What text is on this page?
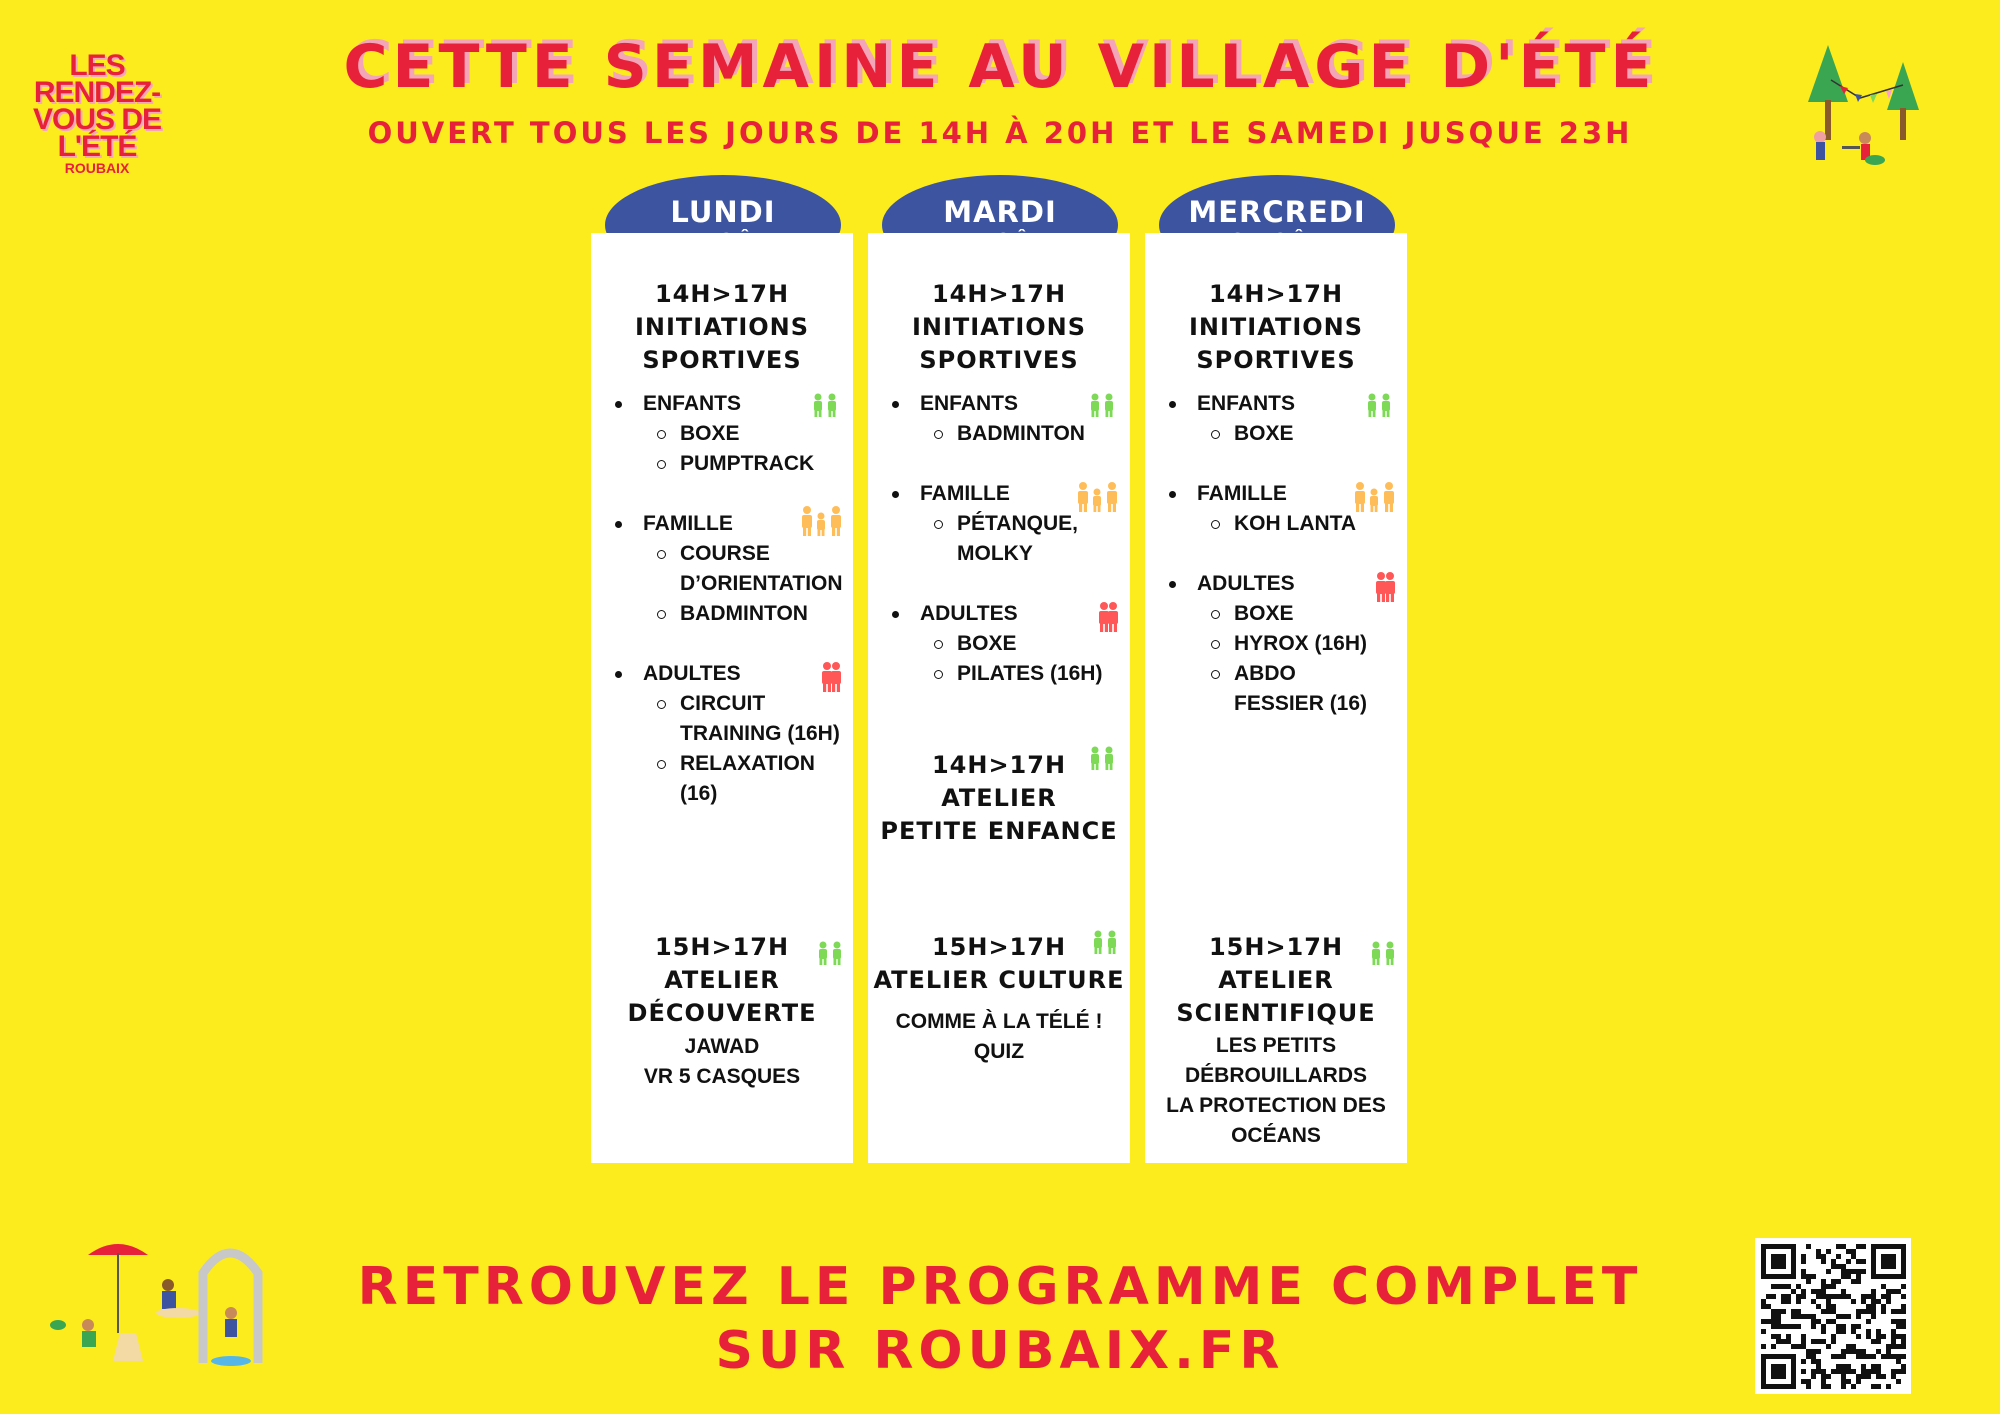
LES
RENDEZ-
VOUS DE
L'ÉTÉ
ROUBAIX
CETTE SEMAINE AU VILLAGE D'ÉTÉ
OUVERT TOUS LES JOURS DE 14H À 20H ET LE SAMEDI JUSQUE 23H
LUNDI	MARDI	MERCREDI
14H>17H
INITIATIONS
SPORTIVES
ENFANTS
BOXE
PUMPTRACK
FAMILLE
COURSE D’ORIENTATION
BADMINTON
ADULTES
CIRCUIT TRAINING (16H)
RELAXATION (16)
15H>17H
ATELIER
DÉCOUVERTE
JAWAD
VR 5 CASQUES
14H>17H
INITIATIONS
SPORTIVES
ENFANTS
BADMINTON
FAMILLE
PÉTANQUE, MOLKY
ADULTES
BOXE
PILATES (16H)
14H>17H
ATELIER
PETITE ENFANCE
15H>17H
ATELIER CULTURE
COMME À LA TÉLÉ !
QUIZ
14H>17H
INITIATIONS
SPORTIVES
ENFANTS
BOXE
FAMILLE
KOH LANTA
ADULTES
BOXE
HYROX (16H)
ABDO FESSIER (16)
15H>17H
ATELIER
SCIENTIFIQUE
LES PETITS
DÉBROUILLARDS
LA PROTECTION DES
OCÉANS
RETROUVEZ LE PROGRAMME COMPLET
SUR ROUBAIX.FR
